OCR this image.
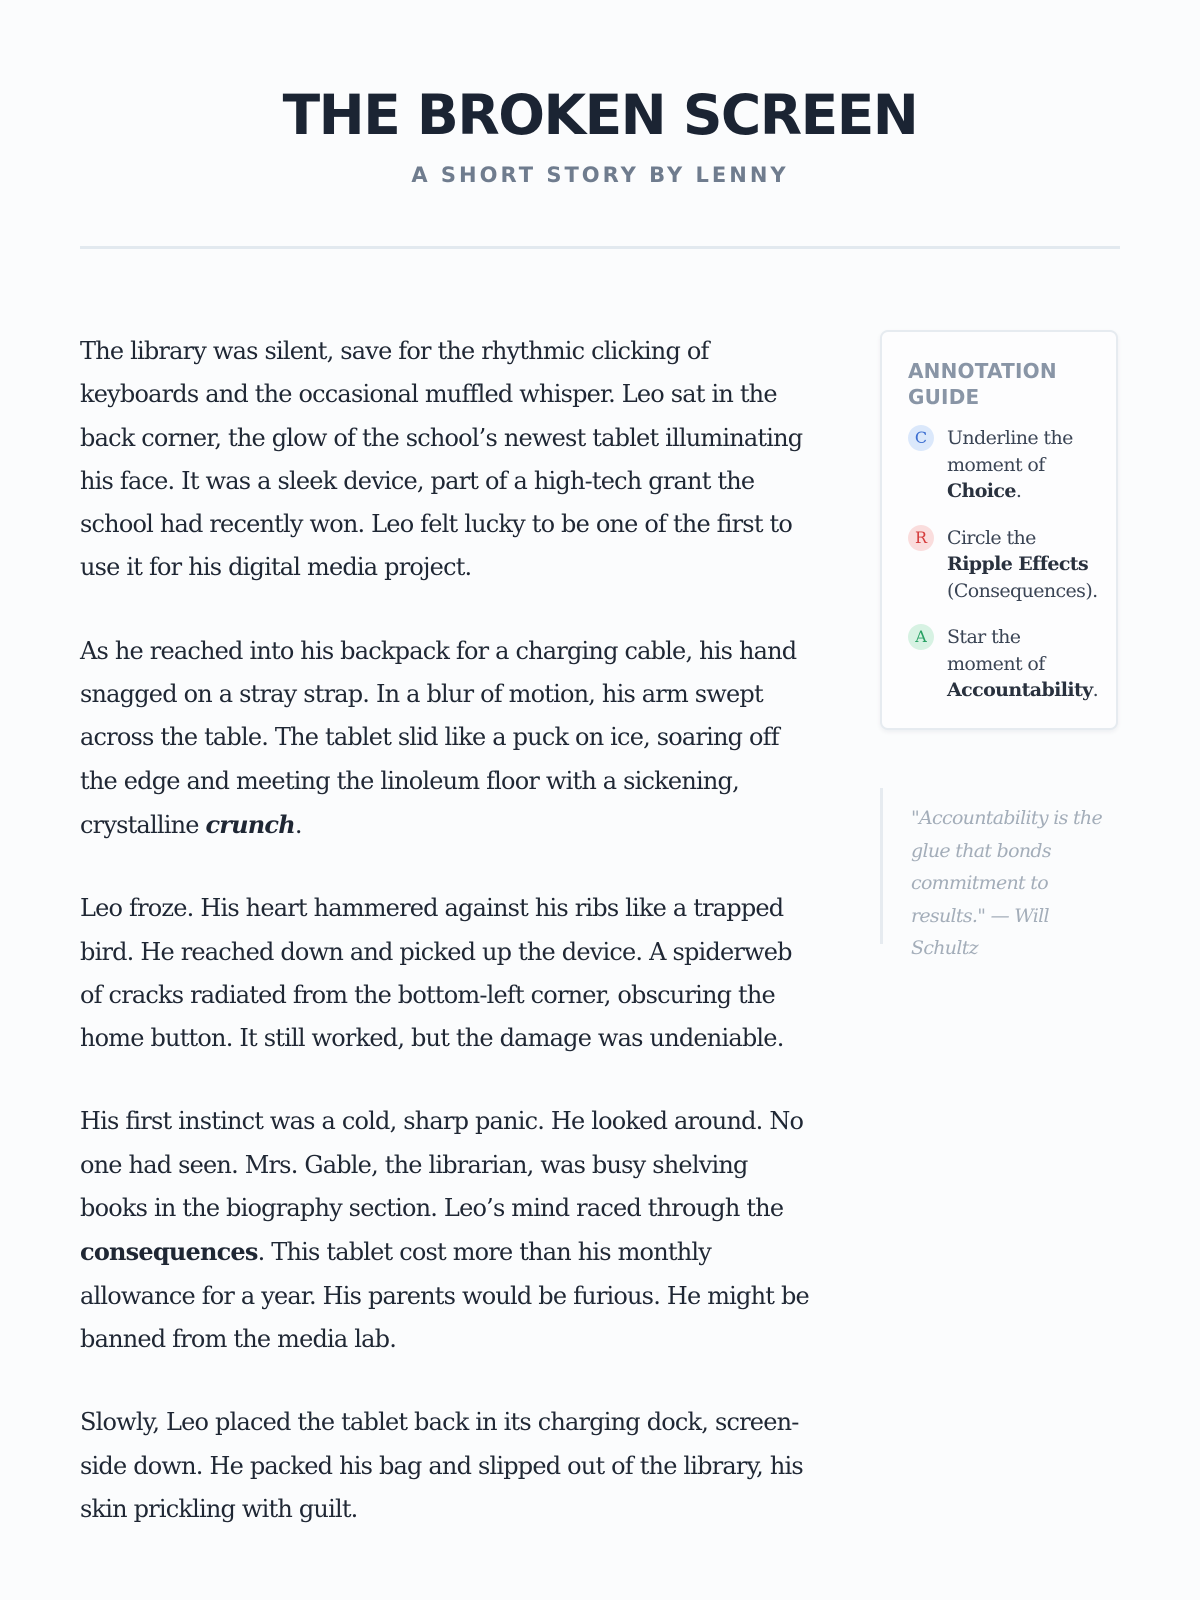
THE BROKEN SCREEN
A SHORT STORY BY LENNY

The library was silent, save for the rhythmic clicking of keyboards and the occasional muffled whisper. Leo sat in the back corner, the glow of the school’s newest tablet illuminating his face. It was a sleek device, part of a high-tech grant the school had recently won. Leo felt lucky to be one of the first to use it for his digital media project.

As he reached into his backpack for a charging cable, his hand snagged on a stray strap. In a blur of motion, his arm swept across the table. The tablet slid like a puck on ice, soaring off the edge and meeting the linoleum floor with a sickening, crystalline crunch.

Leo froze. His heart hammered against his ribs like a trapped bird. He reached down and picked up the device. A spiderweb of cracks radiated from the bottom-left corner, obscuring the home button. It still worked, but the damage was undeniable.

His first instinct was a cold, sharp panic. He looked around. No one had seen. Mrs. Gable, the librarian, was busy shelving books in the biography section. Leo’s mind raced through the consequences. This tablet cost more than his monthly allowance for a year. His parents would be furious. He might be banned from the media lab.

Slowly, Leo placed the tablet back in its charging dock, screen-side down. He packed his bag and slipped out of the library, his skin prickling with guilt.

ANNOTATION GUIDE
C	Underline the moment of Choice.
R	Circle the Ripple Effects (Consequences).
A	Star the moment of Accountability.
"Accountability is the glue that bonds commitment to results." — Will Schultz
